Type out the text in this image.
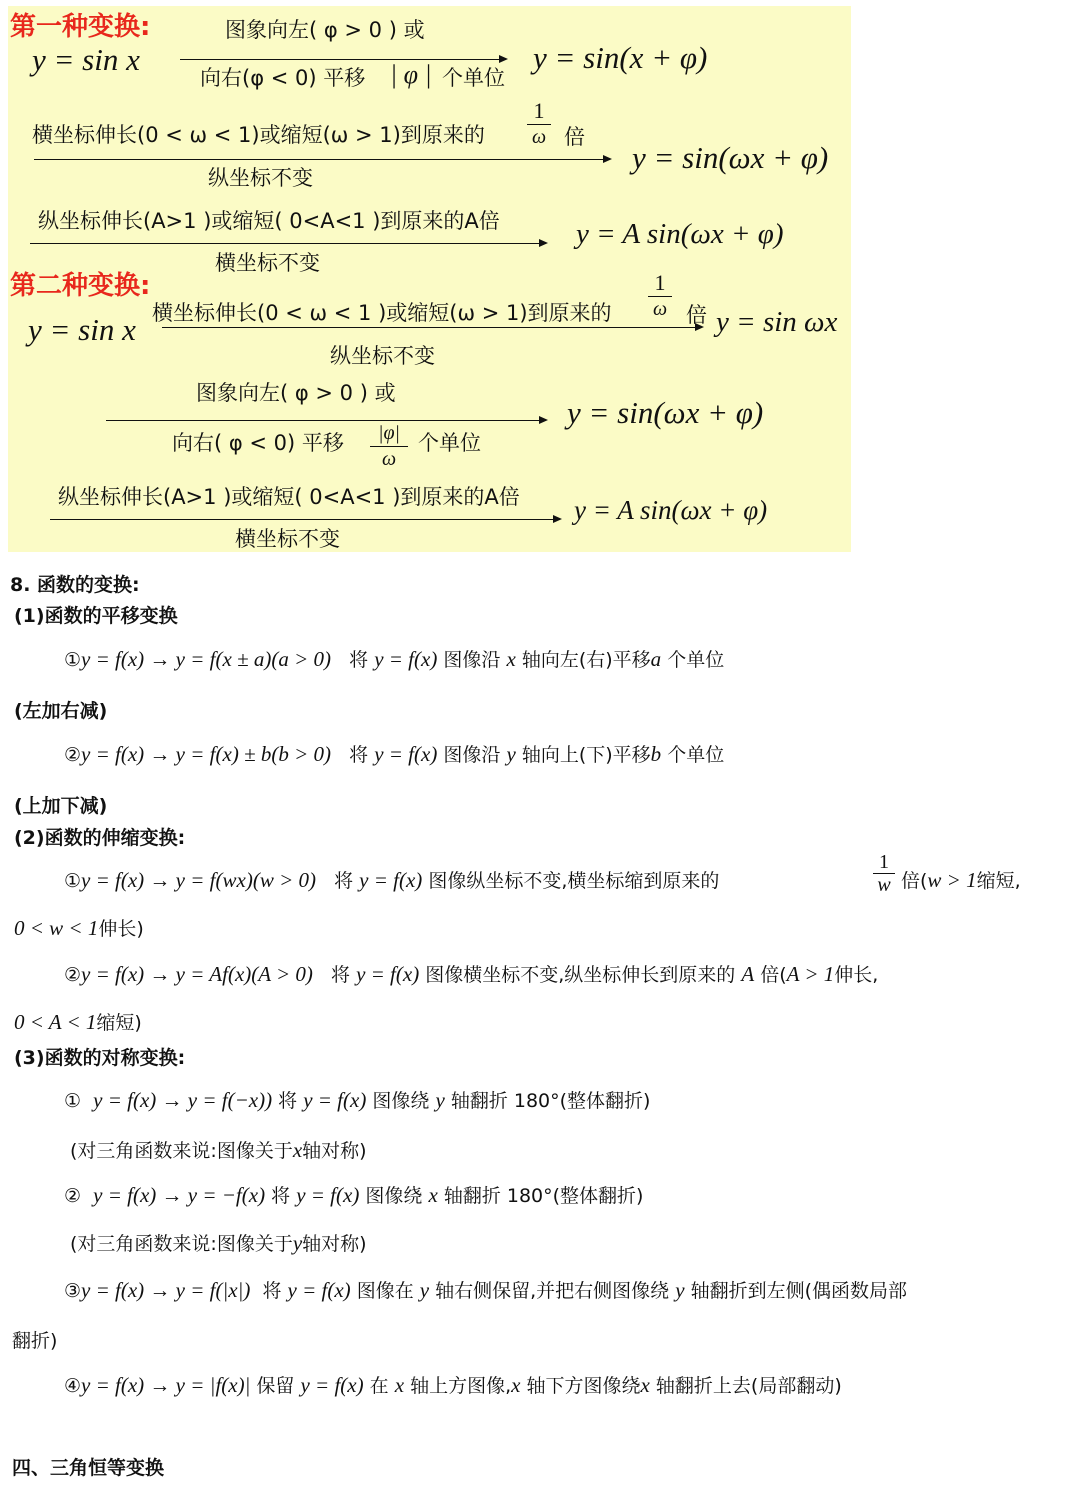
第一种变换:
y = sin x
图象向左( φ > 0 ) 或
向右(φ < 0) 平移 | φ | 个单位
y = sin(x + φ)
横坐标伸长(0 < ω < 1)或缩短(ω > 1)到原来的
1
ω 倍
纵坐标不变
y = sin(ωx + φ)
纵坐标伸长(A>1 )或缩短( 0<A<1 )到原来的A倍
横坐标不变
y = A sin(ωx + φ)
第二种变换:
y = sin x 横坐标伸长(0 < ω < 1 )或缩短(ω > 1)到原来的
1
ω 倍
纵坐标不变
y = sin ωx
图象向左( φ > 0 ) 或
向右( φ < 0) 平移	|φ|
ω
个单位
y = sin(ωx + φ)
纵坐标伸长(A>1 )或缩短( 0<A<1 )到原来的A倍
横坐标不变
y = A sin(ωx + φ)
8. 函数的变换:
(1)函数的平移变换
①y = f(x) → y = f(x ± a)(a > 0) 将 y = f(x) 图像沿 x 轴向左(右)平移a 个单位
(左加右减)
②y = f(x) → y = f(x) ± b(b > 0) 将 y = f(x) 图像沿 y 轴向上(下)平移b 个单位
(上加下减)
(2)函数的伸缩变换:
①y = f(x) → y = f(wx)(w > 0) 将 y = f(x) 图像纵坐标不变,横坐标缩到原来的
1
w 倍(w > 1缩短,
0 < w < 1伸长)
②y = f(x) → y = Af(x)(A > 0) 将 y = f(x) 图像横坐标不变,纵坐标伸长到原来的 A 倍(A > 1伸长,
0 < A < 1缩短)
(3)函数的对称变换:
① y = f(x) → y = f(−x)) 将 y = f(x) 图像绕 y 轴翻折 180°(整体翻折)
(对三角函数来说:图像关于x轴对称)
② y = f(x) → y = −f(x) 将 y = f(x) 图像绕 x 轴翻折 180°(整体翻折)
(对三角函数来说:图像关于y轴对称)
③y = f(x) → y = f(|x|) 将 y = f(x) 图像在 y 轴右侧保留,并把右侧图像绕 y 轴翻折到左侧(偶函数局部
翻折)
④y = f(x) → y = |f(x)| 保留 y = f(x) 在 x 轴上方图像,x 轴下方图像绕x 轴翻折上去(局部翻动)
四、三角恒等变换
